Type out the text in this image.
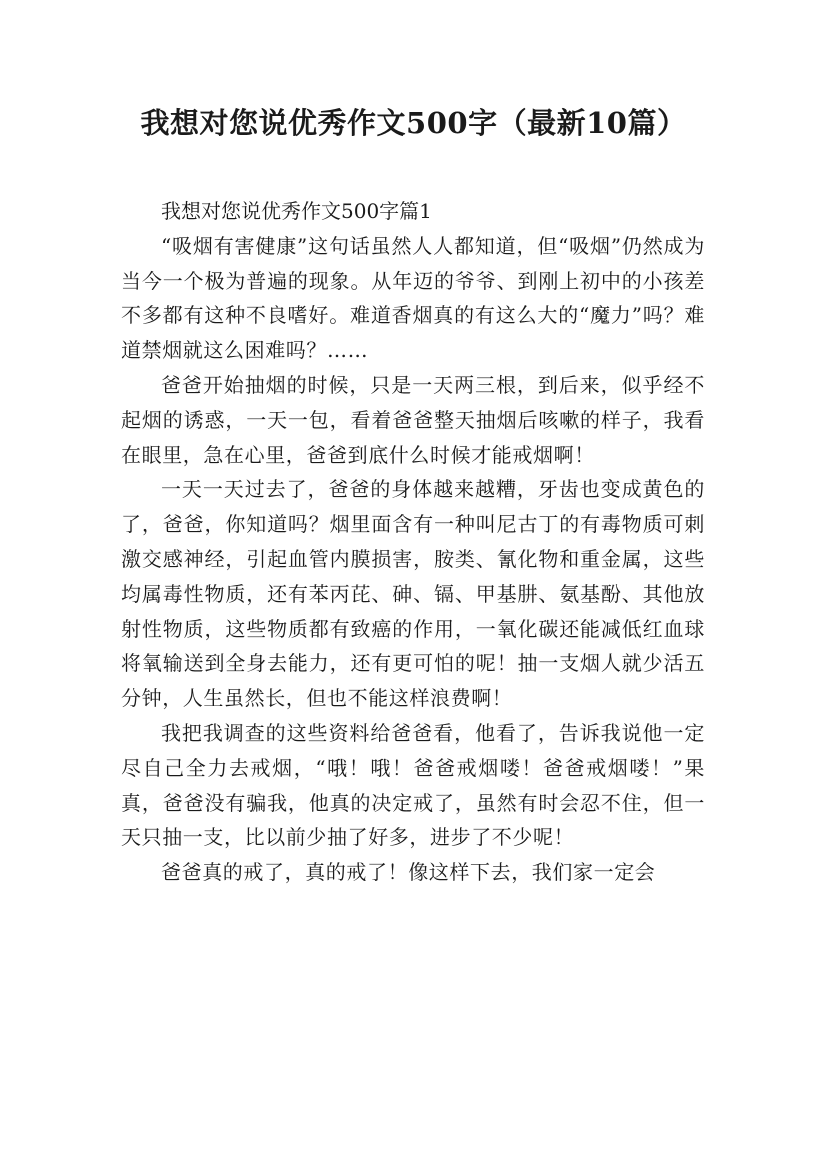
我想对您说优秀作文500字（最新10篇）

我想对您说优秀作文500字篇1

“吸烟有害健康”这句话虽然人人都知道，但“吸烟”仍然成为当今一个极为普遍的现象。从年迈的爷爷、到刚上初中的小孩差不多都有这种不良嗜好。难道香烟真的有这么大的“魔力”吗？难道禁烟就这么困难吗？……

爸爸开始抽烟的时候，只是一天两三根，到后来，似乎经不起烟的诱惑，一天一包，看着爸爸整天抽烟后咳嗽的样子，我看在眼里，急在心里，爸爸到底什么时候才能戒烟啊！

一天一天过去了，爸爸的身体越来越糟，牙齿也变成黄色的了，爸爸，你知道吗？烟里面含有一种叫尼古丁的有毒物质可刺激交感神经，引起血管内膜损害，胺类、氰化物和重金属，这些均属毒性物质，还有苯丙芘、砷、镉、甲基肼、氨基酚、其他放射性物质，这些物质都有致癌的作用，一氧化碳还能减低红血球将氧输送到全身去能力，还有更可怕的呢！抽一支烟人就少活五分钟，人生虽然长，但也不能这样浪费啊！

我把我调查的这些资料给爸爸看，他看了，告诉我说他一定尽自己全力去戒烟，“哦！哦！爸爸戒烟喽！爸爸戒烟喽！”果真，爸爸没有骗我，他真的决定戒了，虽然有时会忍不住，但一天只抽一支，比以前少抽了好多，进步了不少呢！

爸爸真的戒了，真的戒了！像这样下去，我们家一定会
